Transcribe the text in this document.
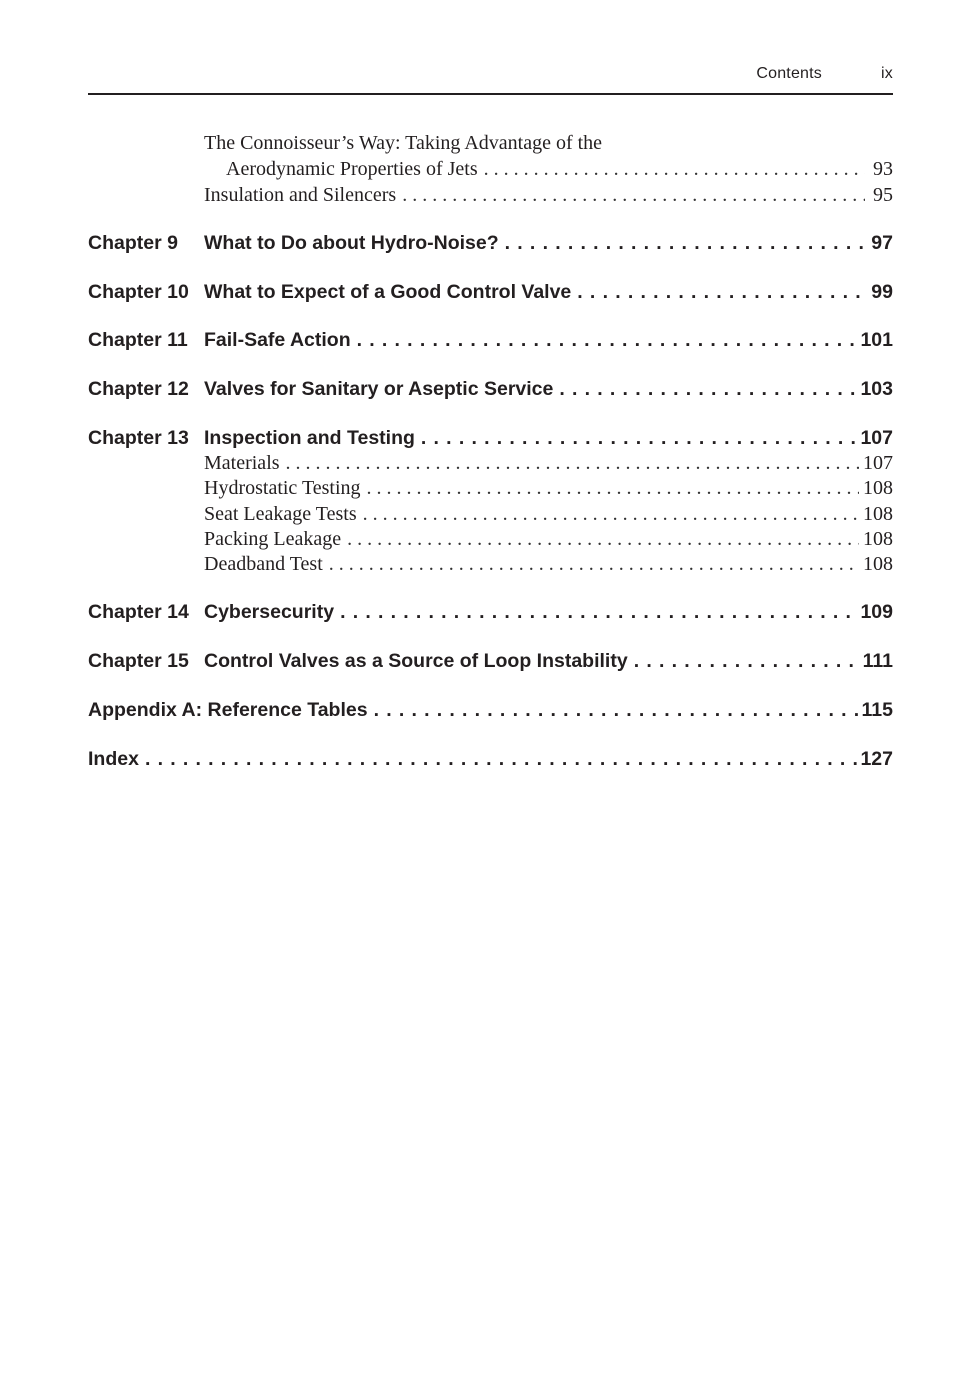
Contents	ix
The Connoisseur’s Way: Taking Advantage of the
Aerodynamic Properties of Jets . . .	93
Insulation and Silencers . . .	95
Chapter 9 What to Do about Hydro-Noise? . . .	97
Chapter 10 What to Expect of a Good Control Valve . . .	99
Chapter 11 Fail-Safe Action . . .	101
Chapter 12 Valves for Sanitary or Aseptic Service . . .	103
Chapter 13 Inspection and Testing . . .	107
Materials . . .	107
Hydrostatic Testing . . .	108
Seat Leakage Tests . . .	108
Packing Leakage . . .	108
Deadband Test . . .	108
Chapter 14 Cybersecurity . . .	109
Chapter 15 Control Valves as a Source of Loop Instability . . .	111
Appendix A: Reference Tables . . .	115
Index . . .	127
